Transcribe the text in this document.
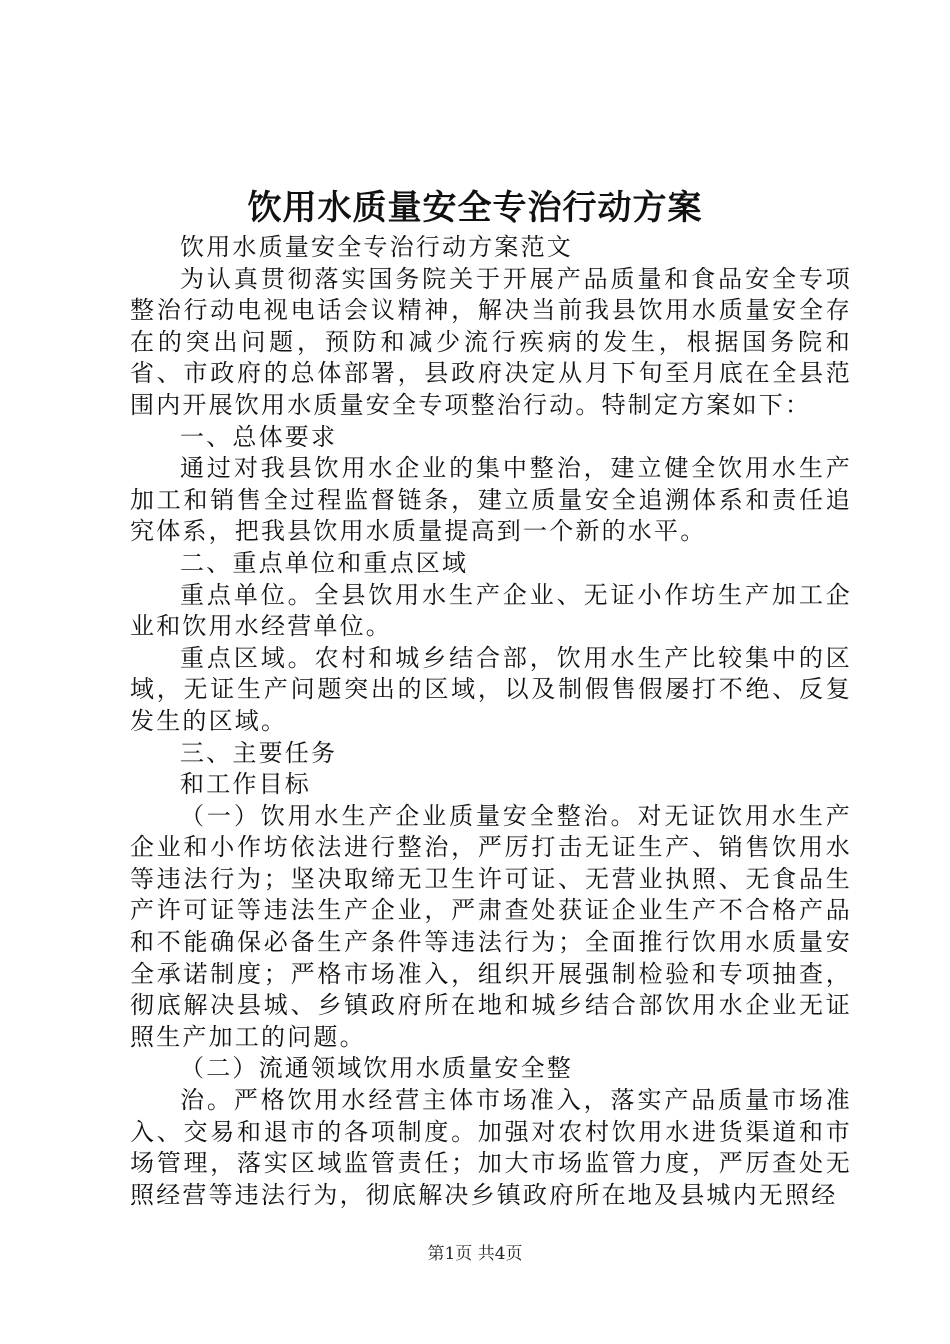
饮用水质量安全专治行动方案

饮用水质量安全专治行动方案范文

为认真贯彻落实国务院关于开展产品质量和食品安全专项整治行动电视电话会议精神，解决当前我县饮用水质量安全存在的突出问题，预防和减少流行疾病的发生，根据国务院和省、市政府的总体部署，县政府决定从月下旬至月底在全县范围内开展饮用水质量安全专项整治行动。特制定方案如下：

一、总体要求

通过对我县饮用水企业的集中整治，建立健全饮用水生产加工和销售全过程监督链条，建立质量安全追溯体系和责任追究体系，把我县饮用水质量提高到一个新的水平。

二、重点单位和重点区域

重点单位。全县饮用水生产企业、无证小作坊生产加工企业和饮用水经营单位。

重点区域。农村和城乡结合部，饮用水生产比较集中的区域，无证生产问题突出的区域，以及制假售假屡打不绝、反复发生的区域。

三、主要任务

和工作目标

（一）饮用水生产企业质量安全整治。对无证饮用水生产企业和小作坊依法进行整治，严厉打击无证生产、销售饮用水等违法行为；坚决取缔无卫生许可证、无营业执照、无食品生产许可证等违法生产企业，严肃查处获证企业生产不合格产品和不能确保必备生产条件等违法行为；全面推行饮用水质量安全承诺制度；严格市场准入，组织开展强制检验和专项抽查，彻底解决县城、乡镇政府所在地和城乡结合部饮用水企业无证照生产加工的问题。

（二）流通领域饮用水质量安全整

治。严格饮用水经营主体市场准入，落实产品质量市场准入、交易和退市的各项制度。加强对农村饮用水进货渠道和市场管理，落实区域监管责任；加大市场监管力度，严厉查处无照经营等违法行为，彻底解决乡镇政府所在地及县城内无照经

第1页 共4页
